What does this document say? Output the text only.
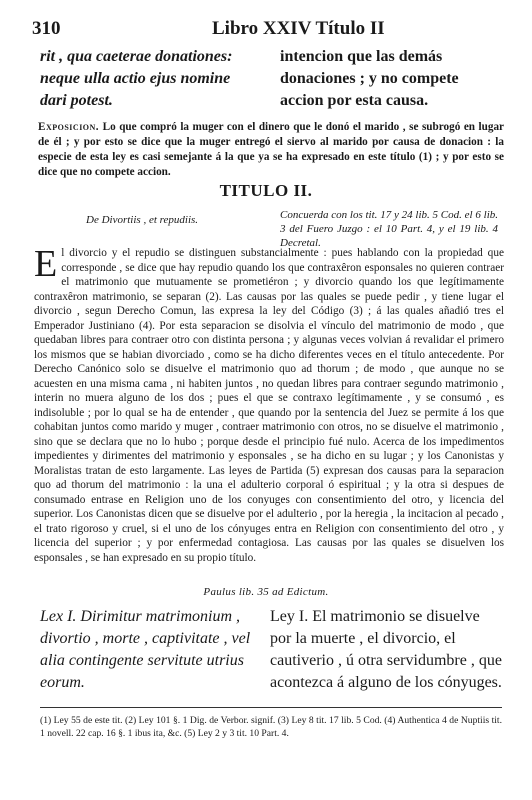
310	Libro XXIV Título II
rit , qua caeterae donationes: neque ulla actio ejus nomine dari potest.
intencion que las demás donaciones ; y no compete accion por esta causa.
Exposicion. Lo que compró la muger con el dinero que le donó el marido , se subrogó en lugar de él ; y por esto se dice que la muger entregó el siervo al marido por causa de donacion : la especie de esta ley es casi semejante á la que ya se ha expresado en este título (1) ; y por esto se dice que no compete accion.
TITULO II.
De Divortiis , et repudiis.	Concuerda con los tit. 17 y 24 lib. 5 Cod. el 6 lib. 3 del Fuero Juzgo : el 10 Part. 4, y el 19 lib. 4 Decretal.
El divorcio y el repudio se distinguen substancialmente : pues hablando con la propiedad que corresponde , se dice que hay repudio quando los que contraxêron esponsales no quieren contraer el matrimonio que mutuamente se prometiéron ; y divorcio quando los que legítimamente contraxêron matrimonio, se separan (2). Las causas por las quales se puede pedir , y tiene lugar el divorcio , segun Derecho Comun, las expresa la ley del Código (3) ; á las quales añadió tres el Emperador Justiniano (4). Por esta separacion se disolvia el vínculo del matrimonio de modo , que quedaban libres para contraer otro con distinta persona ; y algunas veces volvian á revalidar el primero los mismos que se habian divorciado , como se ha dicho diferentes veces en el título antecedente. Por Derecho Canónico solo se disuelve el matrimonio quo ad thorum ; de modo , que aunque no se acuesten en una misma cama , ni habiten juntos , no quedan libres para contraer segundo matrimonio , interin no muera alguno de los dos ; pues el que se contraxo legítimamente , y se consumó , es indisoluble ; por lo qual se ha de entender , que quando por la sentencia del Juez se permite á los que cohabitan juntos como marido y muger , contraer matrimonio con otros, no se disuelve el matrimonio , sino que se declara que no lo hubo ; porque desde el principio fué nulo. Acerca de los impedimentos impedientes y dirimentes del matrimonio y esponsales , se ha dicho en su lugar ; y los Canonistas y Moralistas tratan de esto largamente. Las leyes de Partida (5) expresan dos causas para la separacion quo ad thorum del matrimonio : la una el adulterio corporal ó espiritual ; y la otra si despues de consumado entrase en Religion uno de los conyuges con consentimiento del otro, y licencia del superior. Los Canonistas dicen que se disuelve por el adulterio , por la heregia , la incitacion al pecado , el trato rigoroso y cruel, si el uno de los cónyuges entra en Religion con consentimiento del otro , y licencia del superior ; y por enfermedad contagiosa. Las causas por las quales se disuelven los esponsales , se han expresado en su propio título.
Paulus lib. 35 ad Edictum.
Lex I. Dirimitur matrimonium , divortio , morte , captivitate , vel alia contingente servitute utrius eorum.
Ley I. El matrimonio se disuelve por la muerte , el divorcio, el cautiverio , ú otra servidumbre , que acontezca á alguno de los cónyuges.
(1) Ley 55 de este tit. (2) Ley 101 §. 1 Dig. de Verbor. signif. (3) Ley 8 tit. 17 lib. 5 Cod. (4) Authentica 4 de Nuptiis tit. 1 novell. 22 cap. 16 §. 1 ibus ita, &c. (5) Ley 2 y 3 tit. 10 Part. 4.
